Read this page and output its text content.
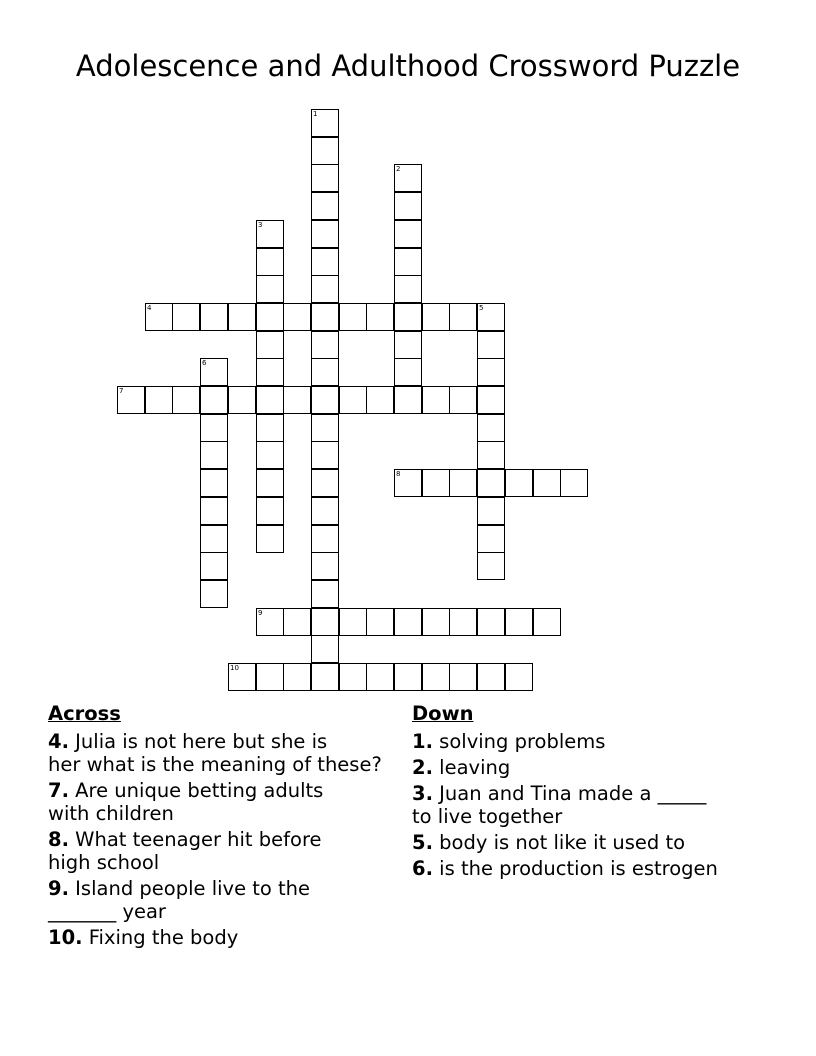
Adolescence and Adulthood Crossword Puzzle
1
2
3
4	5
6
7
8
9
10
Across
4. Julia is not here but she is
her what is the meaning of these?
7. Are unique betting adults
with children
8. What teenager hit before
high school
9. Island people live to the
_______ year
10. Fixing the body
Down
1. solving problems
2. leaving
3. Juan and Tina made a _____
to live together
5. body is not like it used to
6. is the production is estrogen
